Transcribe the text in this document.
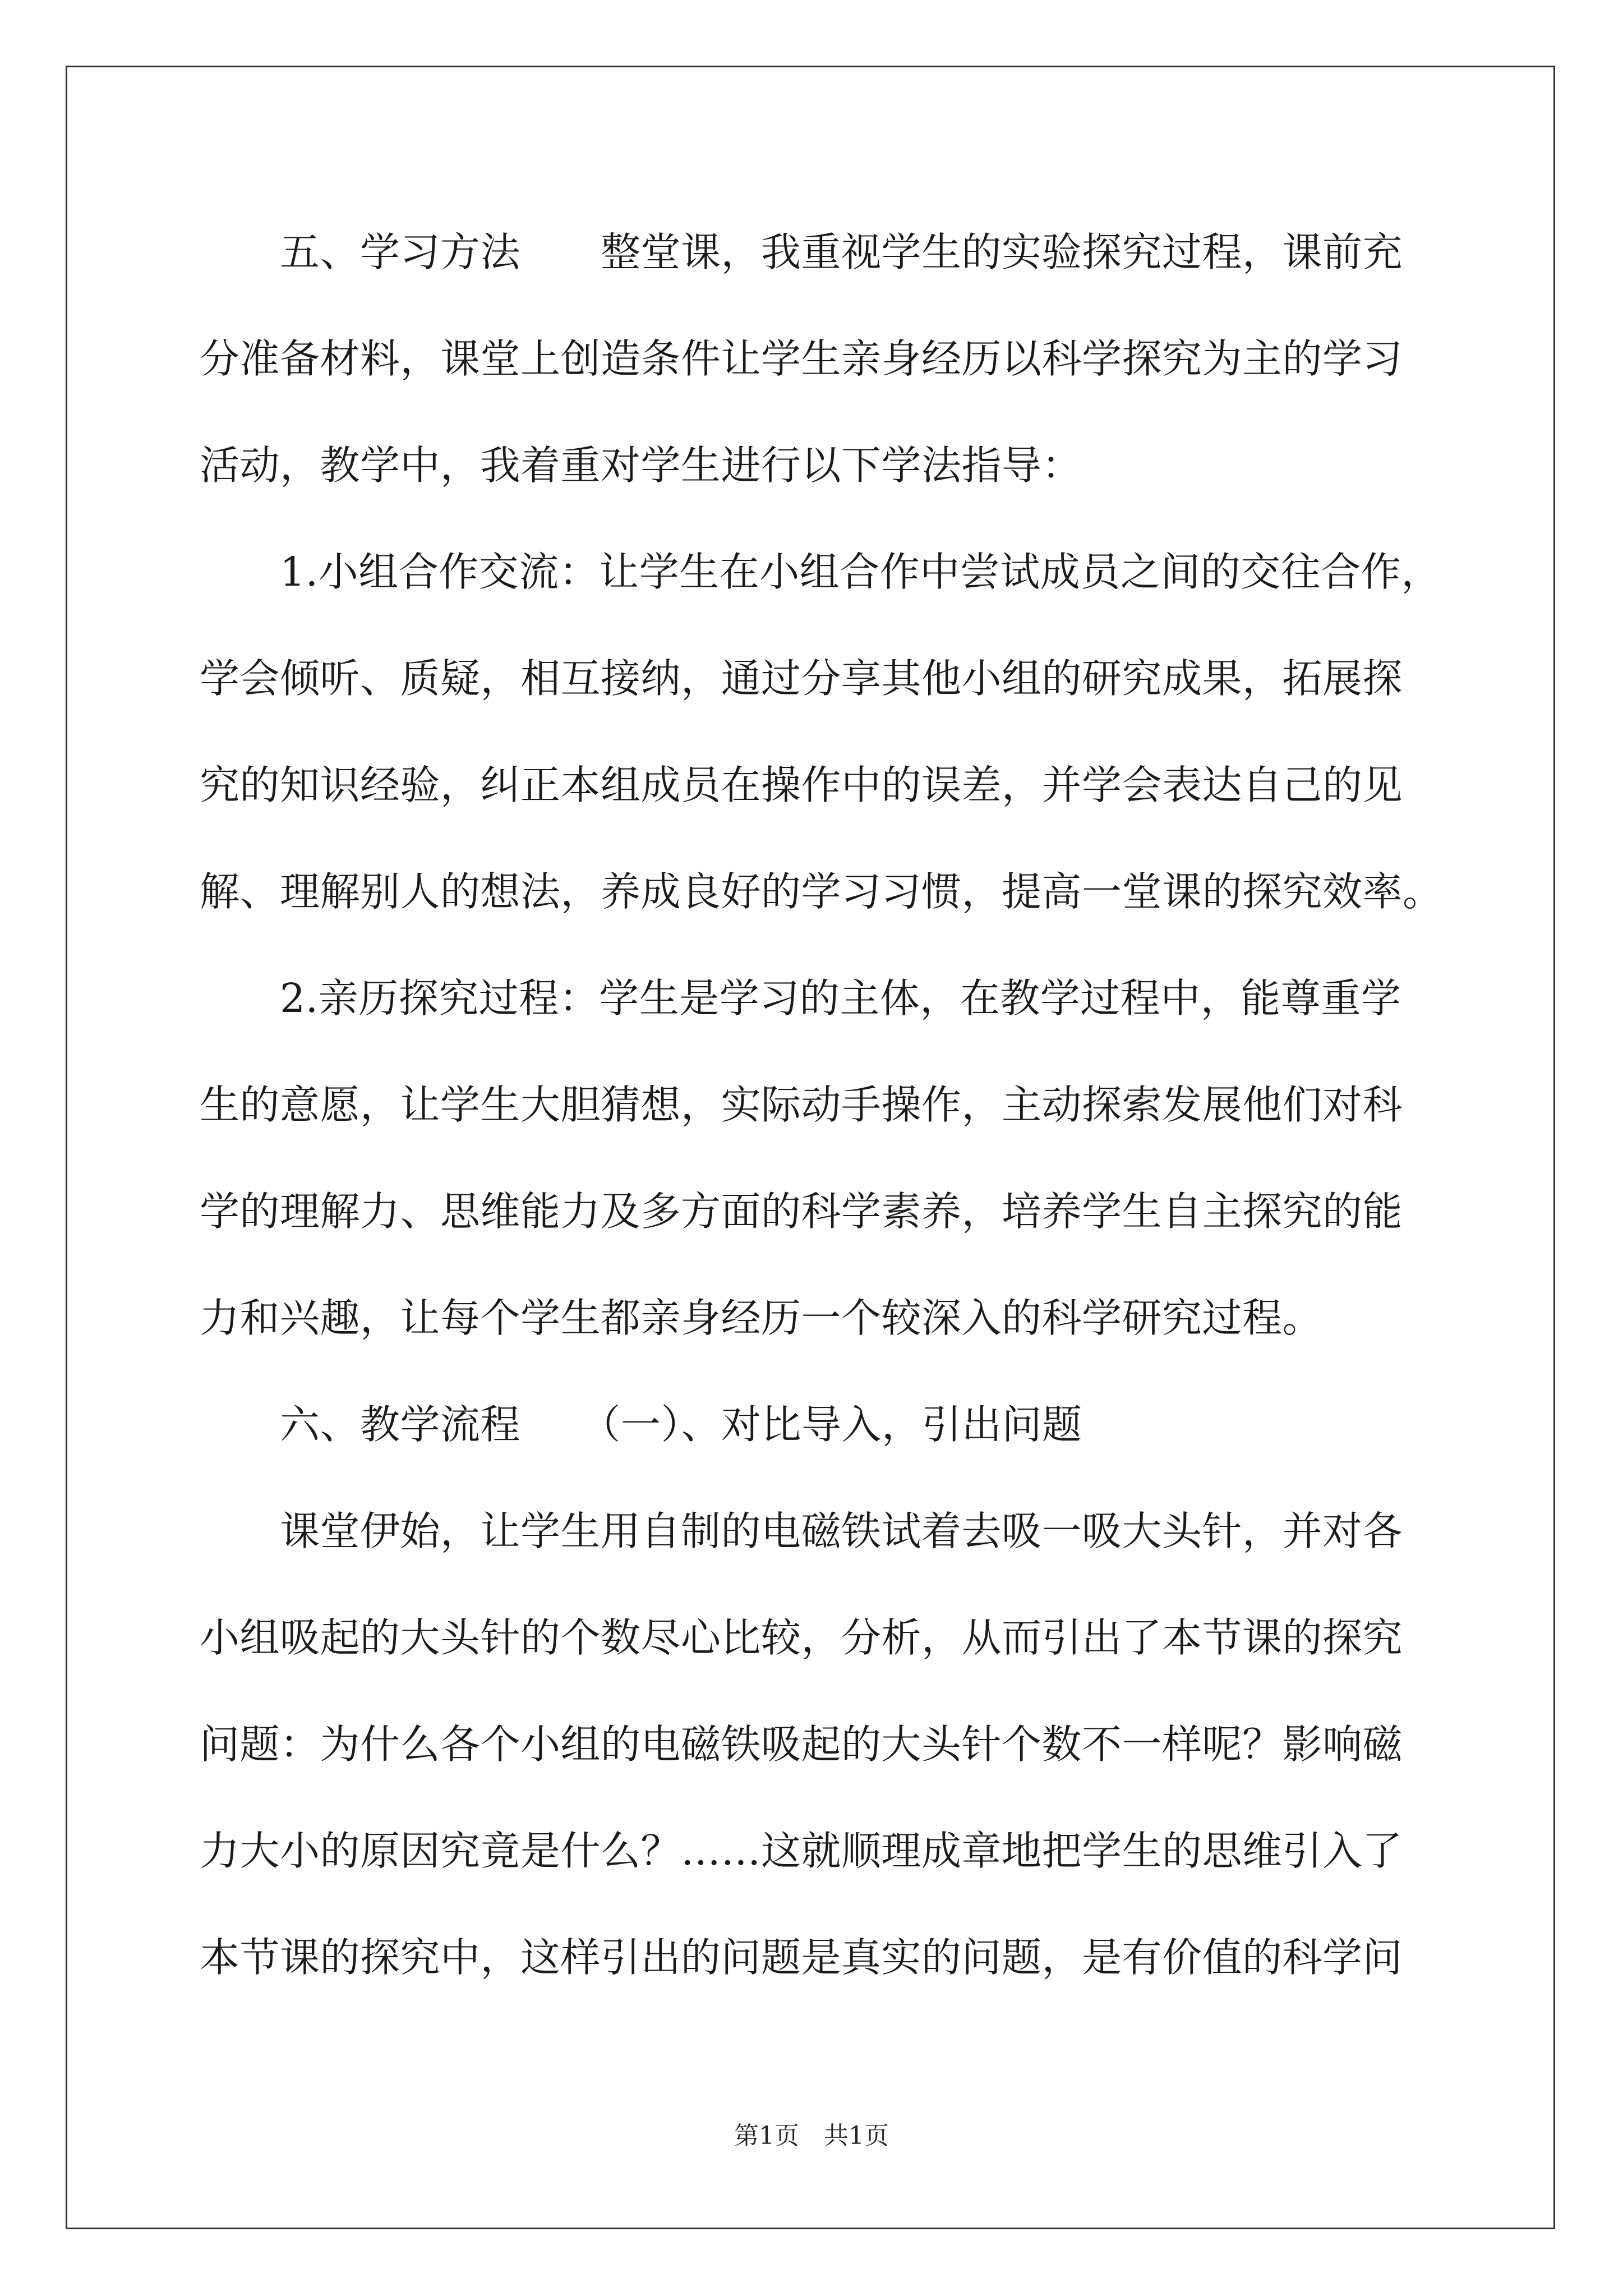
　　五、学习方法　　整堂课，我重视学生的实验探究过程，课前充
分准备材料，课堂上创造条件让学生亲身经历以科学探究为主的学习
活动，教学中，我着重对学生进行以下学法指导：
　　1.小组合作交流：让学生在小组合作中尝试成员之间的交往合作，
学会倾听、质疑，相互接纳，通过分享其他小组的研究成果，拓展探
究的知识经验，纠正本组成员在操作中的误差，并学会表达自己的见
解、理解别人的想法，养成良好的学习习惯，提高一堂课的探究效率。
　　2.亲历探究过程：学生是学习的主体，在教学过程中，能尊重学
生的意愿，让学生大胆猜想，实际动手操作，主动探索发展他们对科
学的理解力、思维能力及多方面的科学素养，培养学生自主探究的能
力和兴趣，让每个学生都亲身经历一个较深入的科学研究过程。
　　六、教学流程　　（一）、对比导入，引出问题
　　课堂伊始，让学生用自制的电磁铁试着去吸一吸大头针，并对各
小组吸起的大头针的个数尽心比较，分析，从而引出了本节课的探究
问题：为什么各个小组的电磁铁吸起的大头针个数不一样呢？影响磁
力大小的原因究竟是什么？……这就顺理成章地把学生的思维引入了
本节课的探究中，这样引出的问题是真实的问题，是有价值的科学问
第1页　共1页
